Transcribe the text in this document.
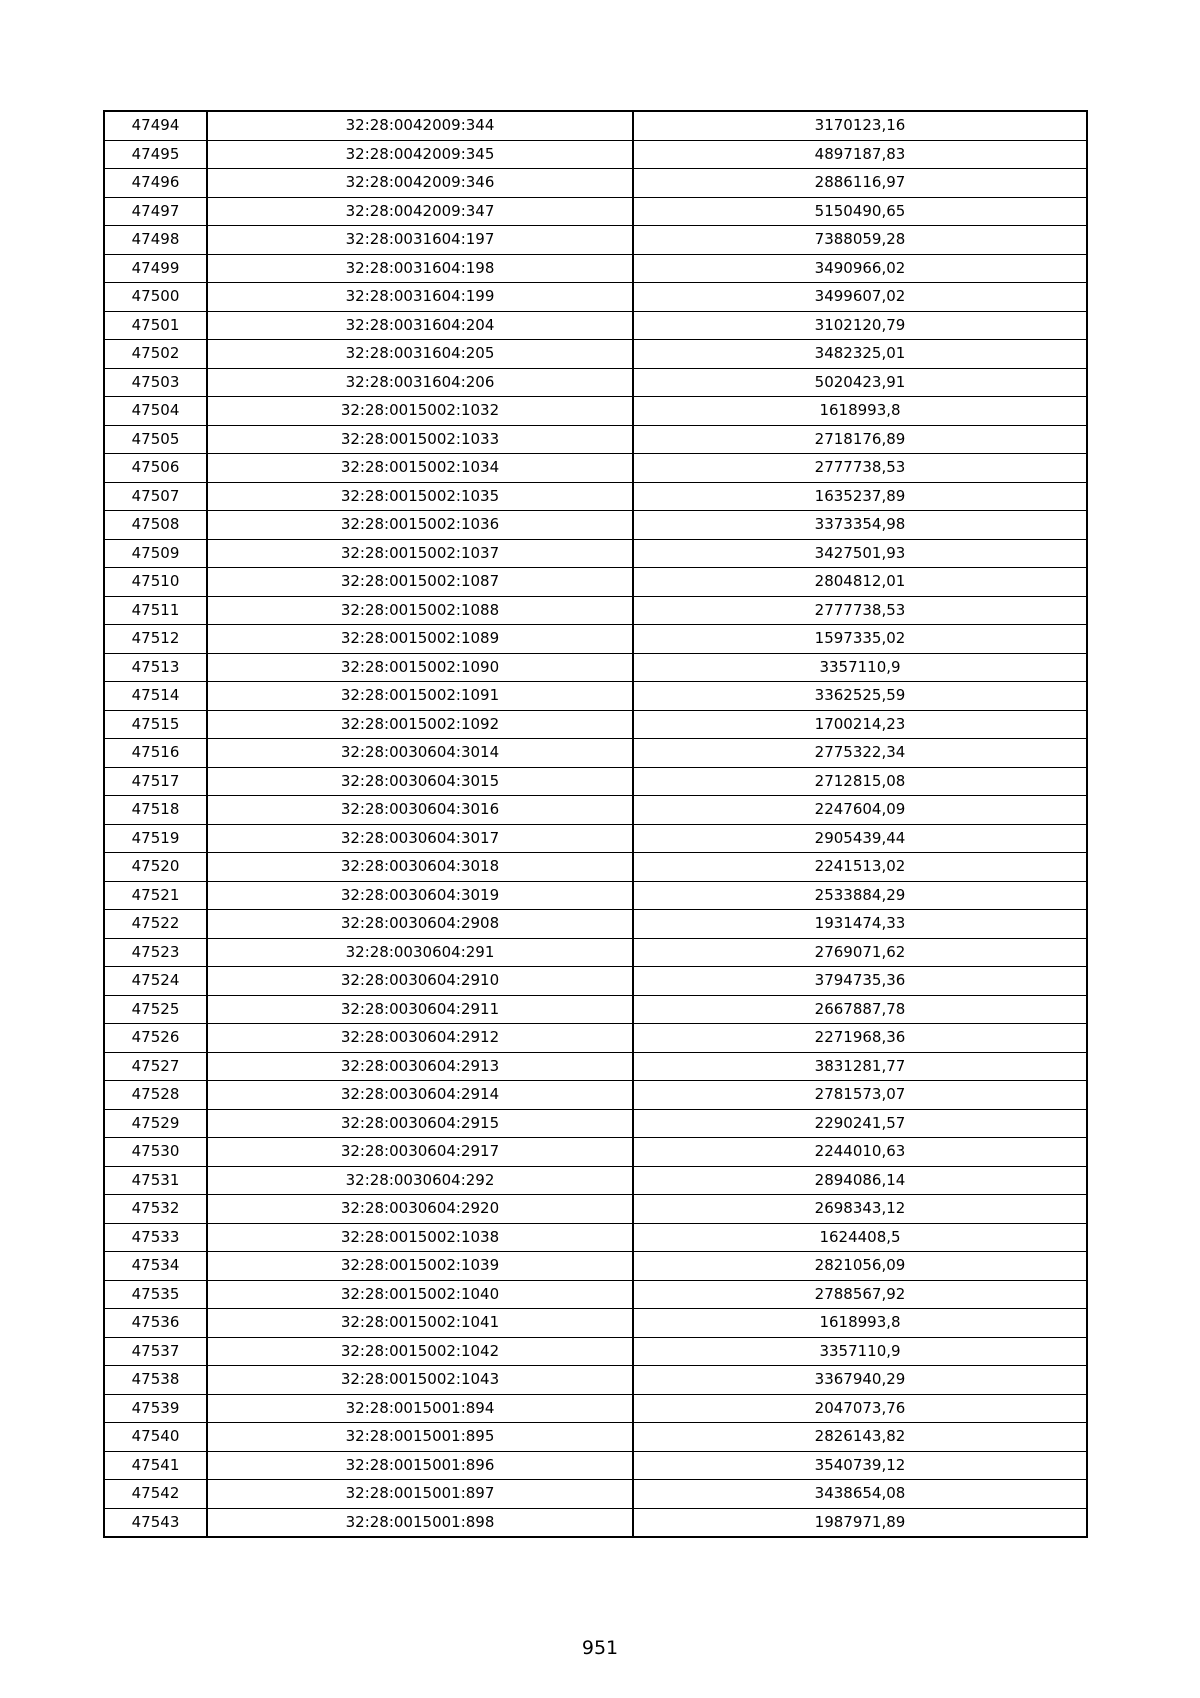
47494	32:28:0042009:344	3170123,16
47495	32:28:0042009:345	4897187,83
47496	32:28:0042009:346	2886116,97
47497	32:28:0042009:347	5150490,65
47498	32:28:0031604:197	7388059,28
47499	32:28:0031604:198	3490966,02
47500	32:28:0031604:199	3499607,02
47501	32:28:0031604:204	3102120,79
47502	32:28:0031604:205	3482325,01
47503	32:28:0031604:206	5020423,91
47504	32:28:0015002:1032	1618993,8
47505	32:28:0015002:1033	2718176,89
47506	32:28:0015002:1034	2777738,53
47507	32:28:0015002:1035	1635237,89
47508	32:28:0015002:1036	3373354,98
47509	32:28:0015002:1037	3427501,93
47510	32:28:0015002:1087	2804812,01
47511	32:28:0015002:1088	2777738,53
47512	32:28:0015002:1089	1597335,02
47513	32:28:0015002:1090	3357110,9
47514	32:28:0015002:1091	3362525,59
47515	32:28:0015002:1092	1700214,23
47516	32:28:0030604:3014	2775322,34
47517	32:28:0030604:3015	2712815,08
47518	32:28:0030604:3016	2247604,09
47519	32:28:0030604:3017	2905439,44
47520	32:28:0030604:3018	2241513,02
47521	32:28:0030604:3019	2533884,29
47522	32:28:0030604:2908	1931474,33
47523	32:28:0030604:291	2769071,62
47524	32:28:0030604:2910	3794735,36
47525	32:28:0030604:2911	2667887,78
47526	32:28:0030604:2912	2271968,36
47527	32:28:0030604:2913	3831281,77
47528	32:28:0030604:2914	2781573,07
47529	32:28:0030604:2915	2290241,57
47530	32:28:0030604:2917	2244010,63
47531	32:28:0030604:292	2894086,14
47532	32:28:0030604:2920	2698343,12
47533	32:28:0015002:1038	1624408,5
47534	32:28:0015002:1039	2821056,09
47535	32:28:0015002:1040	2788567,92
47536	32:28:0015002:1041	1618993,8
47537	32:28:0015002:1042	3357110,9
47538	32:28:0015002:1043	3367940,29
47539	32:28:0015001:894	2047073,76
47540	32:28:0015001:895	2826143,82
47541	32:28:0015001:896	3540739,12
47542	32:28:0015001:897	3438654,08
47543	32:28:0015001:898	1987971,89
951
